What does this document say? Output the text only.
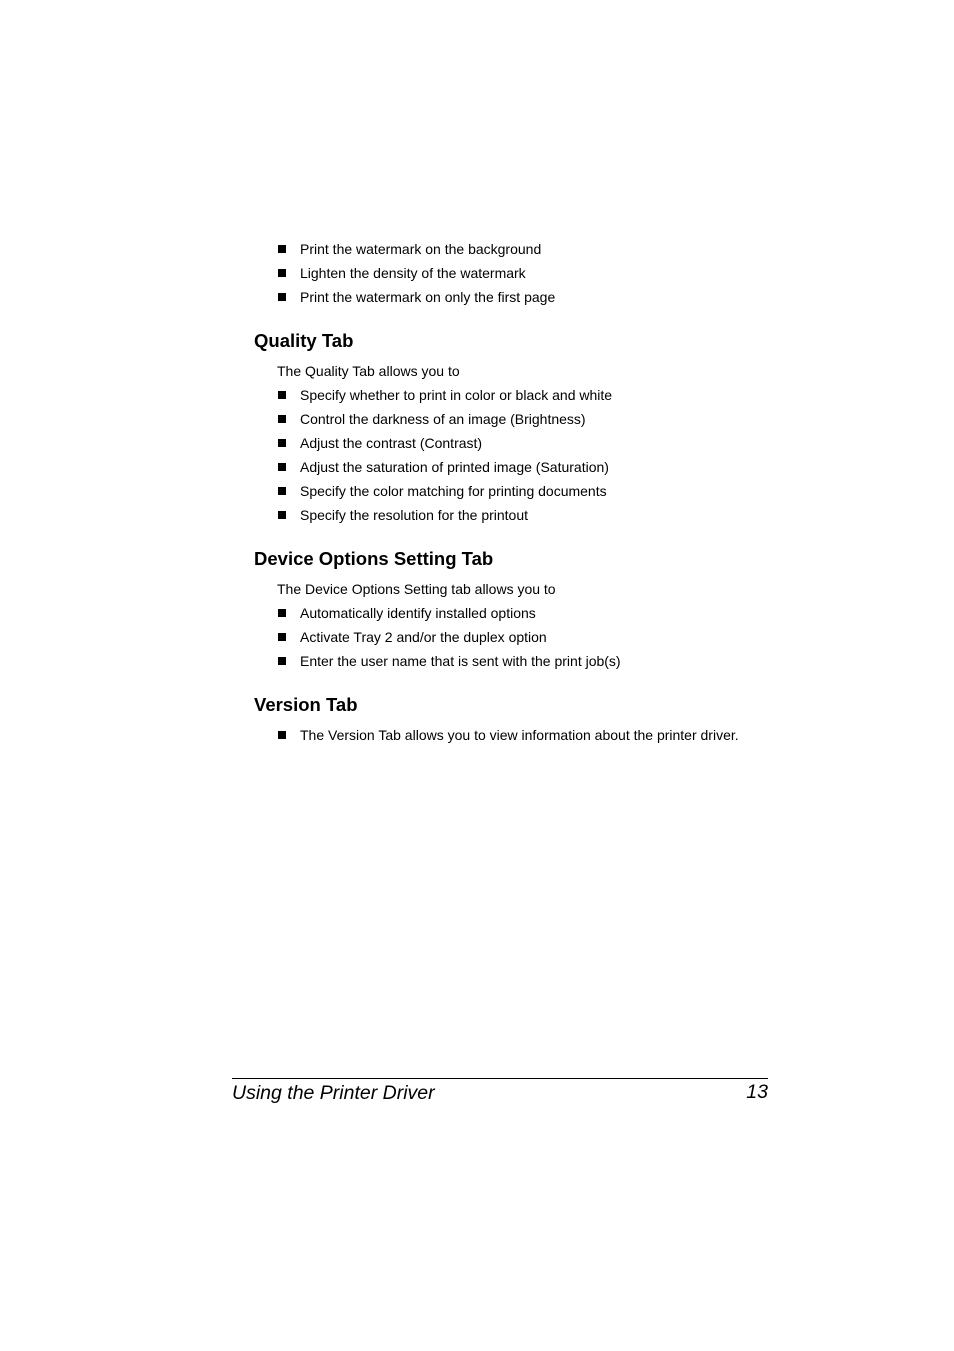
Print the watermark on the background
Lighten the density of the watermark
Print the watermark on only the first page
Quality Tab

The Quality Tab allows you to

Specify whether to print in color or black and white
Control the darkness of an image (Brightness)
Adjust the contrast (Contrast)
Adjust the saturation of printed image (Saturation)
Specify the color matching for printing documents
Specify the resolution for the printout
Device Options Setting Tab

The Device Options Setting tab allows you to

Automatically identify installed options
Activate Tray 2 and/or the duplex option
Enter the user name that is sent with the print job(s)
Version Tab
The Version Tab allows you to view information about the printer driver.
Using the Printer Driver	13
